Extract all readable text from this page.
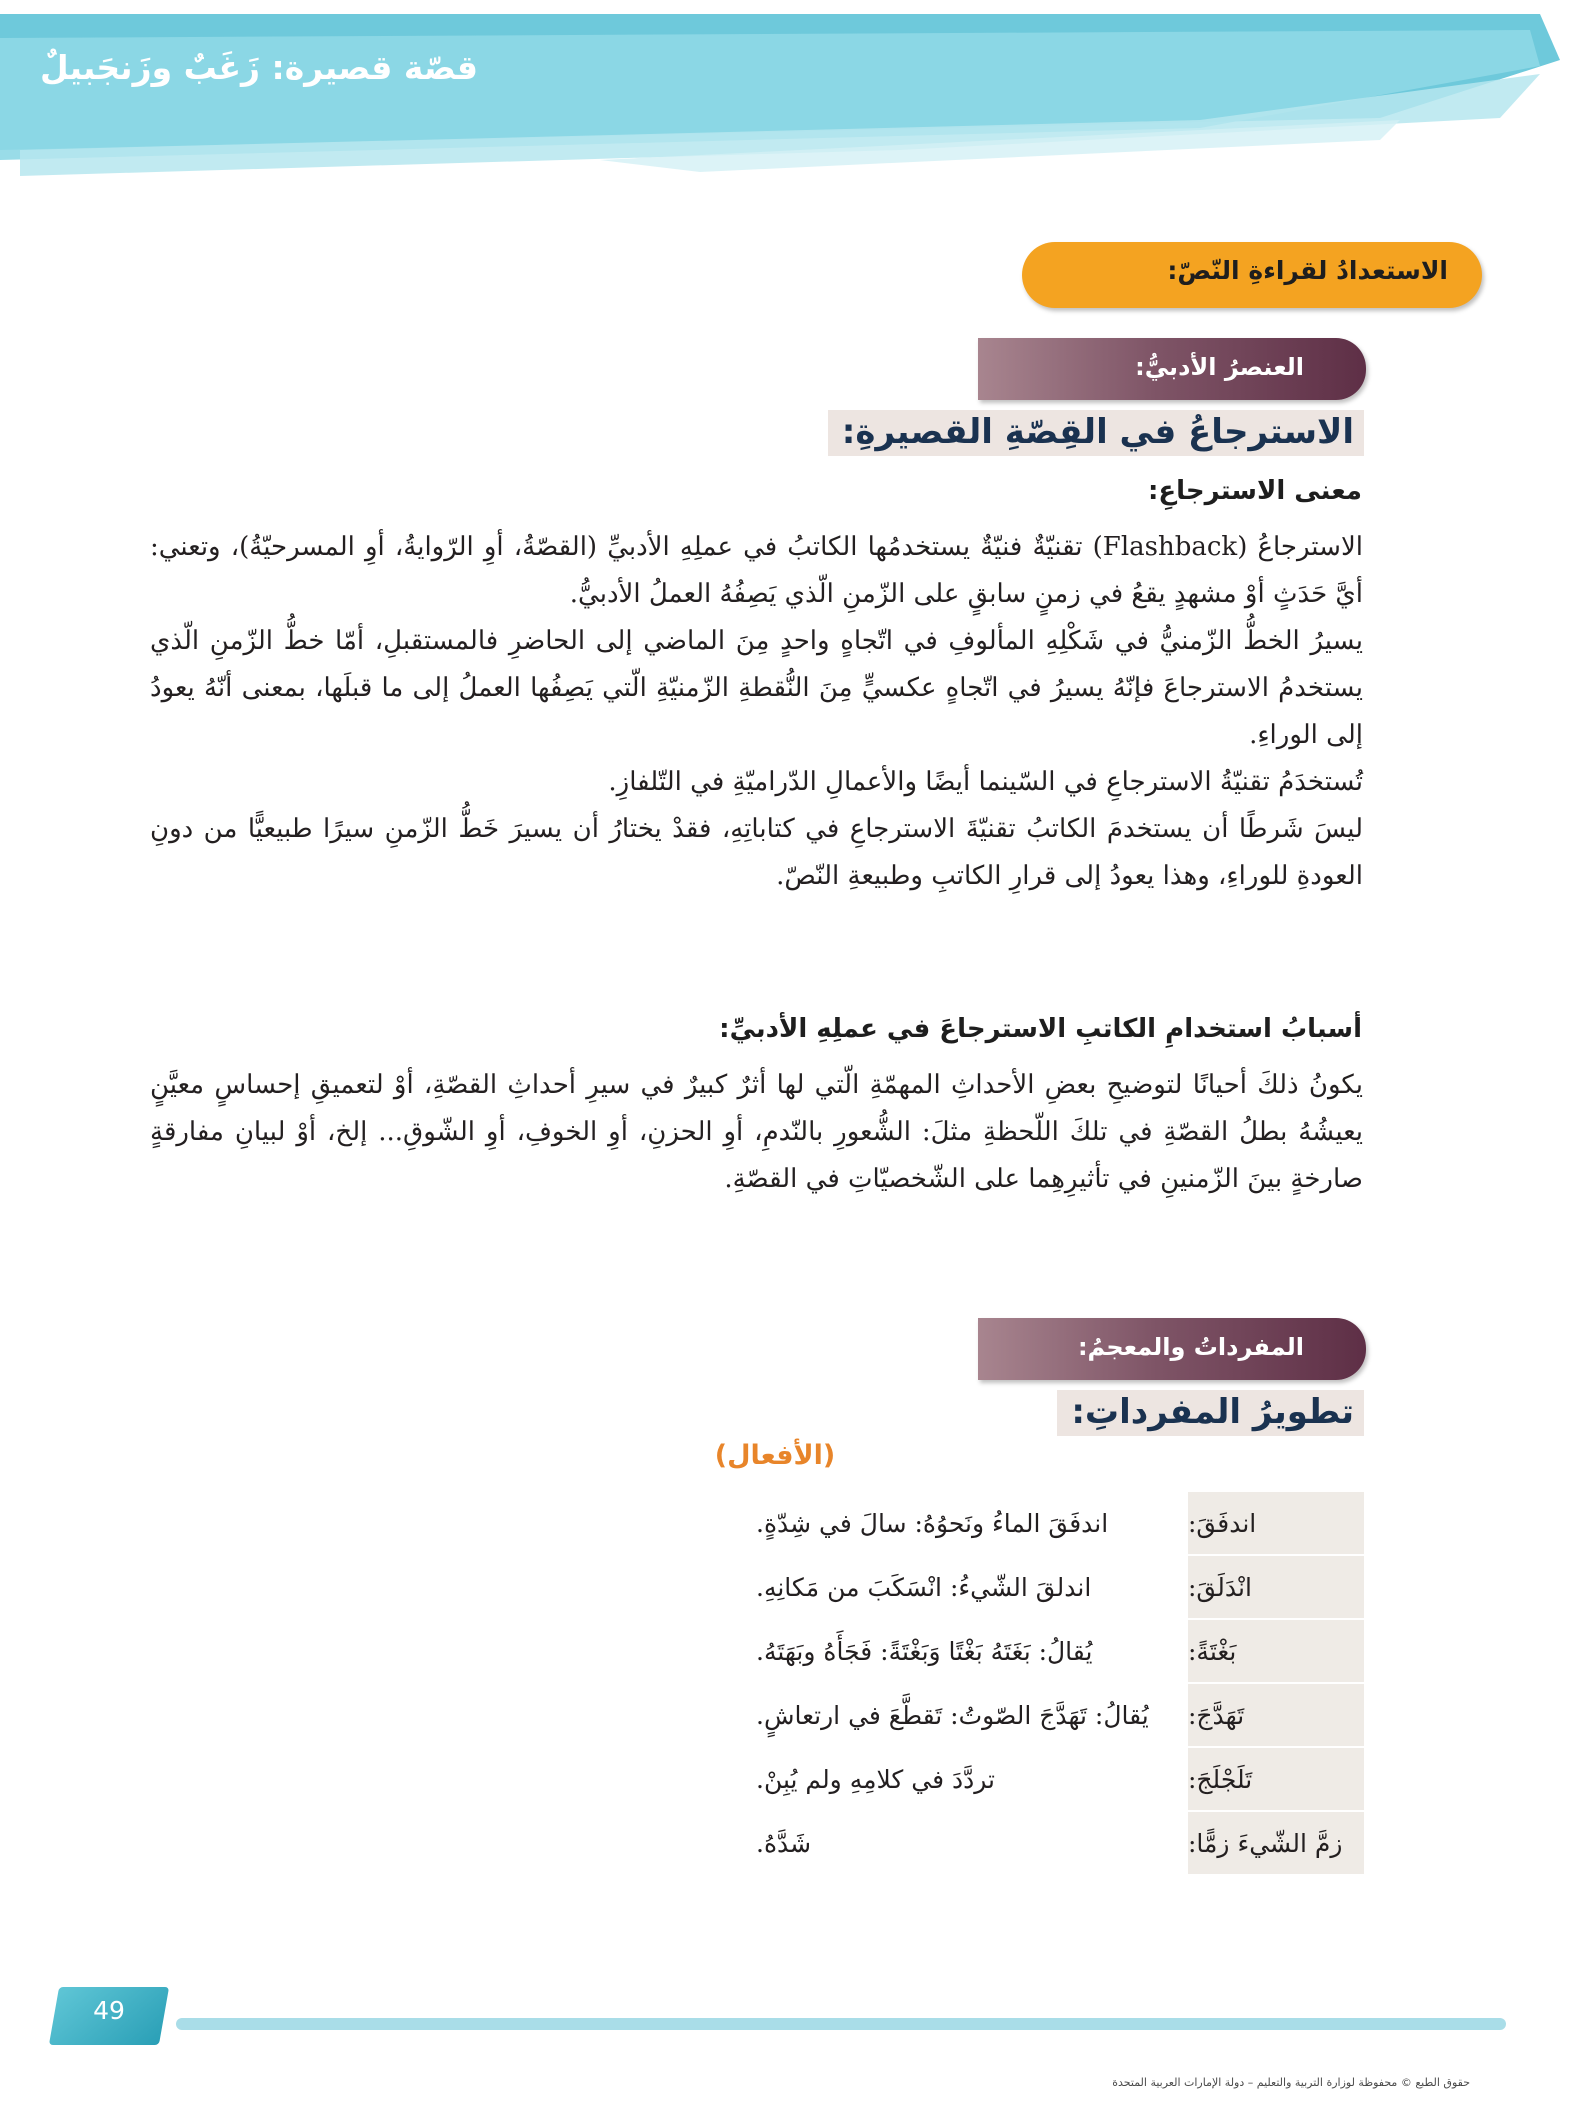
قصّة قصيرة: زَغَبٌ وزَنجَبيلٌ
الاستعدادُ لقراءةِ النّصّ:
العنصرُ الأدبيُّ:
الاسترجاعُ في القِصّةِ القصيرةِ:
معنى الاسترجاعِ:

الاسترجاعُ (Flashback) تقنيّةٌ فنيّةٌ يستخدمُها الكاتبُ في عملِهِ الأدبيِّ (القصّةُ، أوِ الرّوايةُ، أوِ المسرحيّةُ)، وتعني: أيَّ حَدَثٍ أوْ مشهدٍ يقعُ في زمنٍ سابقٍ على الزّمنِ الّذي يَصِفُهُ العملُ الأدبيُّ.

يسيرُ الخطُّ الزّمنيُّ في شَكْلِهِ المألوفِ في اتّجاهٍ واحدٍ مِنَ الماضي إلى الحاضرِ فالمستقبلِ، أمّا خطُّ الزّمنِ الّذي يستخدمُ الاسترجاعَ فإنّهُ يسيرُ في اتّجاهٍ عكسيٍّ مِنَ النُّقطةِ الزّمنيّةِ الّتي يَصِفُها العملُ إلى ما قبلَها، بمعنى أنّهُ يعودُ إلى الوراءِ.

تُستخدَمُ تقنيّةُ الاسترجاعِ في السّينما أيضًا والأعمالِ الدّراميّةِ في التّلفازِ.

ليسَ شَرطًا أن يستخدمَ الكاتبُ تقنيّةَ الاسترجاعِ في كتاباتِهِ، فقدْ يختارُ أن يسيرَ خَطُّ الزّمنِ سيرًا طبيعيًّا من دونِ العودةِ للوراءِ، وهذا يعودُ إلى قرارِ الكاتبِ وطبيعةِ النّصّ.

أسبابُ استخدامِ الكاتبِ الاسترجاعَ في عملِهِ الأدبيِّ:

يكونُ ذلكَ أحيانًا لتوضيحِ بعضِ الأحداثِ المهمّةِ الّتي لها أثرٌ كبيرٌ في سيرِ أحداثِ القصّةِ، أوْ لتعميقِ إحساسٍ معيَّنٍ يعيشُهُ بطلُ القصّةِ في تلكَ اللّحظةِ مثلَ: الشُّعورِ بالنّدمِ، أوِ الحزنِ، أوِ الخوفِ، أوِ الشّوقِ... إلخ، أوْ لبيانِ مفارقةٍ صارخةٍ بينَ الزّمنينِ في تأثيرِهِما على الشّخصيّاتِ في القصّةِ.

المفرداتُ والمعجمُ:
تطويرُ المفرداتِ:
(الأفعال)
اندفَقَ:
اندفَقَ الماءُ ونَحوُهُ: سالَ في شِدّةٍ.
انْدَلَقَ:
اندلقَ الشّيءُ: انْسَكَبَ من مَكانِهِ.
بَغْتَةً:
يُقالُ: بَغَتَهُ بَغْتًا وَبَغْتَةً: فَجَأَهُ وبَهَتَهُ.
تَهَدَّجَ:
يُقالُ: تَهَدَّجَ الصّوتُ: تَقطَّعَ في ارتعاشٍ.
تَلَجْلَجَ:
تردَّدَ في كلامِهِ ولم يُبِنْ.
زمَّ الشّيءَ زمًّا:
شَدَّهُ.
49
حقوق الطبع © محفوظة لوزارة التربية والتعليم – دولة الإمارات العربية المتحدة
